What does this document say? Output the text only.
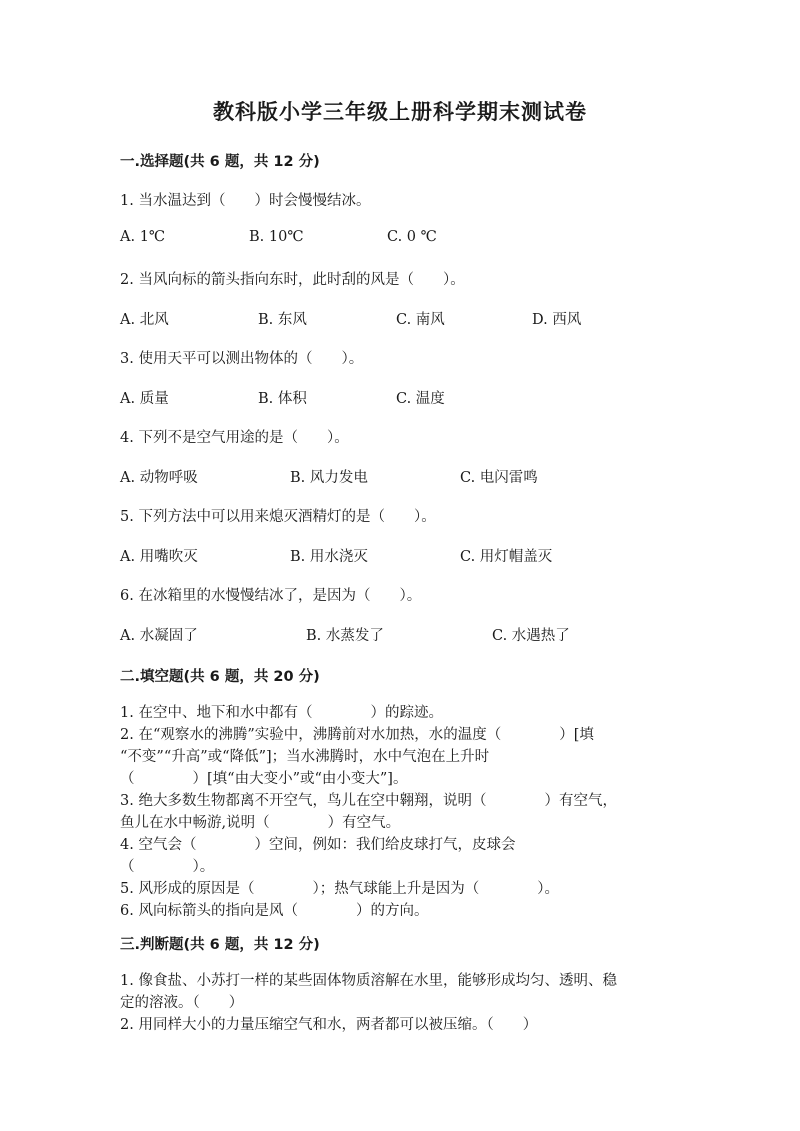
教科版小学三年级上册科学期末测试卷
一.选择题(共 6 题，共 12 分)
1. 当水温达到（　　）时会慢慢结冰。
A. 1℃	B. 10℃	C. 0 ℃
2. 当风向标的箭头指向东时，此时刮的风是（　　）。
A. 北风	B. 东风	C. 南风	D. 西风
3. 使用天平可以测出物体的（　　）。
A. 质量	B. 体积	C. 温度
4. 下列不是空气用途的是（　　）。
A. 动物呼吸	B. 风力发电	C. 电闪雷鸣
5. 下列方法中可以用来熄灭酒精灯的是（　　）。
A. 用嘴吹灭	B. 用水浇灭	C. 用灯帽盖灭
6. 在冰箱里的水慢慢结冰了，是因为（　　）。
A. 水凝固了	B. 水蒸发了	C. 水遇热了
二.填空题(共 6 题，共 20 分)
1. 在空中、地下和水中都有（　　　　）的踪迹。
2. 在“观察水的沸腾”实验中，沸腾前对水加热，水的温度（　　　　）[填
“不变”“升高”或“降低”]；当水沸腾时，水中气泡在上升时
（　　　　）[填“由大变小”或“由小变大”]。
3. 绝大多数生物都离不开空气，鸟儿在空中翱翔，说明（　　　　）有空气，
鱼儿在水中畅游,说明（　　　　）有空气。
4. 空气会（　　　　）空间，例如：我们给皮球打气，皮球会
（　　　　）。
5. 风形成的原因是（　　　　）；热气球能上升是因为（　　　　）。
6. 风向标箭头的指向是风（　　　　）的方向。
三.判断题(共 6 题，共 12 分)
1. 像食盐、小苏打一样的某些固体物质溶解在水里，能够形成均匀、透明、稳
定的溶液。（　　）
2. 用同样大小的力量压缩空气和水，两者都可以被压缩。（　　）
